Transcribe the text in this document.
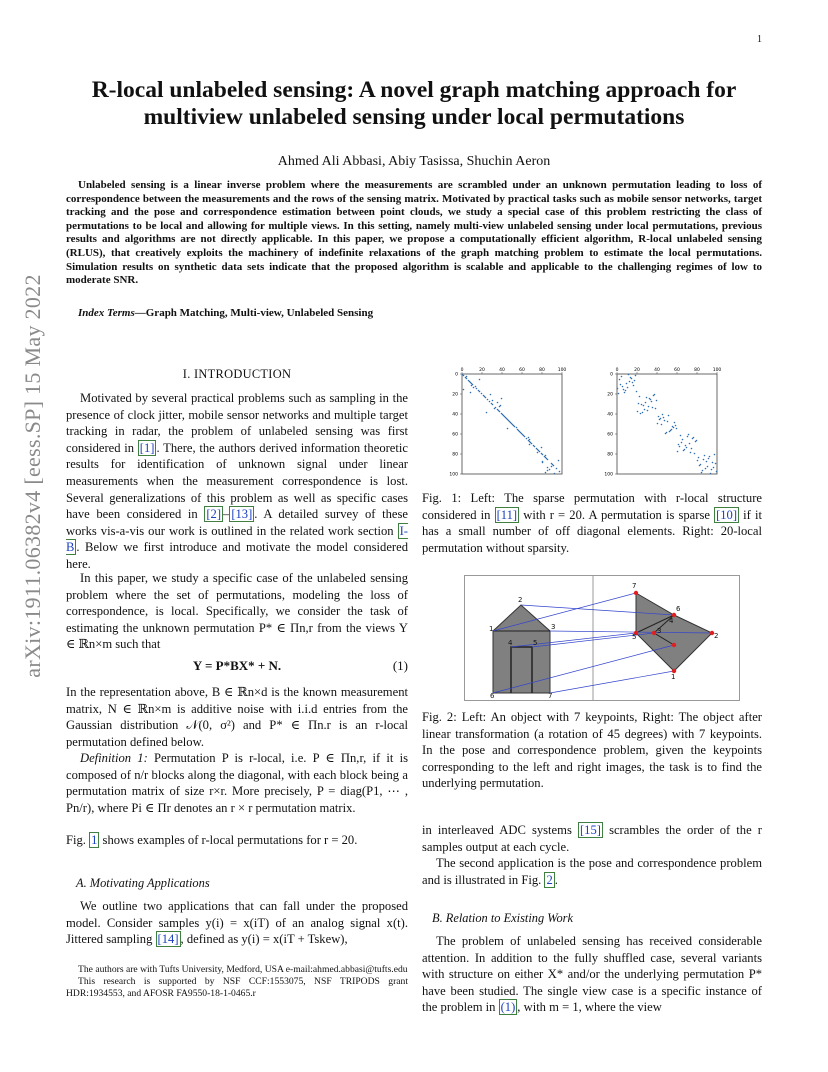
1
arXiv:1911.06382v4 [eess.SP] 15 May 2022
R-local unlabeled sensing: A novel graph matching approach for
multiview unlabeled sensing under local permutations
Ahmed Ali Abbasi, Abiy Tasissa, Shuchin Aeron
Unlabeled sensing is a linear inverse problem where the measurements are scrambled under an unknown permutation leading to loss of correspondence between the measurements and the rows of the sensing matrix. Motivated by practical tasks such as mobile sensor networks, target tracking and the pose and correspondence estimation between point clouds, we study a special case of this problem restricting the class of permutations to be local and allowing for multiple views. In this setting, namely multi-view unlabeled sensing under local permutations, previous results and algorithms are not directly applicable. In this paper, we propose a computationally efficient algorithm, R-local unlabeled sensing (RLUS), that creatively exploits the machinery of indefinite relaxations of the graph matching problem to estimate the local permutations. Simulation results on synthetic data sets indicate that the proposed algorithm is scalable and applicable to the challenging regimes of low to moderate SNR.
Index Terms—Graph Matching, Multi-view, Unlabeled Sensing
I. INTRODUCTION

Motivated by several practical problems such as sampling in the presence of clock jitter, mobile sensor networks and multiple target tracking in radar, the problem of unlabeled sensing was first considered in [1] . There, the authors derived information theoretic results for identification of unknown signal under linear measurements when the measurement correspondence is lost. Several generalizations of this problem as well as specific cases have been considered in [2] – [13] . A detailed survey of these works vis-a-vis our work is outlined in the related work section I-B . Below we first introduce and motivate the model considered here.

In this paper, we study a specific case of the unlabeled sensing problem where the set of permutations, modeling the loss of correspondence, is local. Specifically, we consider the task of estimating the unknown permutation P* ∈ Πn,r from the views Y ∈ ℝn×m such that

Y = P*BX* + N.	(1)

In the representation above, B ∈ ℝn×d is the known measurement matrix, N ∈ ℝn×m is additive noise with i.i.d entries from the Gaussian distribution 𝒩(0, σ²) and P* ∈ Πn.r is an r-local permutation defined below.

Definition 1: Permutation P is r-local, i.e. P ∈ Πn,r, if it is composed of n/r blocks along the diagonal, with each block being a permutation matrix of size r×r. More precisely, P = diag(P1, ⋯ , Pn/r), where Pi ∈ Πr denotes an r × r permutation matrix.

Fig. 1 shows examples of r-local permutations for r = 20.
A. Motivating Applications

We outline two applications that can fall under the proposed model. Consider samples y(i) = x(iT) of an analog signal x(t). Jittered sampling [14] , defined as y(i) = x(iT + Tskew),

The authors are with Tufts University, Medford, USA e-mail:ahmed.abbasi@tufts.edu

This research is supported by NSF CCF:1553075, NSF TRIPODS grant HDR:1934553, and AFOSR FA9550-18-1-0465.r

0
0
20
20
40
40
60
60
80
80
100
100
0
0
20
20
40
40
60
60
80
80
100
100
Fig. 1: Left: The sparse permutation with r-local structure considered in [11] with r = 20. A permutation is sparse [10] if it has a small number of off diagonal elements. Right: 20-local permutation without sparsity.
1
2
3
4	5
6	7
7
6
4
3
5	2
1
Fig. 2: Left: An object with 7 keypoints, Right: The object after linear transformation (a rotation of 45 degrees) with 7 keypoints. In the pose and correspondence problem, given the keypoints corresponding to the left and right images, the task is to find the underlying permutation.

in interleaved ADC systems [15] scrambles the order of the r samples output at each cycle.

The second application is the pose and correspondence problem and is illustrated in Fig. 2 .

B. Relation to Existing Work

The problem of unlabeled sensing has received considerable attention. In addition to the fully shuffled case, several variants with structure on either X* and/or the underlying permutation P* have been studied. The single view case is a specific instance of the problem in (1) , with m = 1, where the view
